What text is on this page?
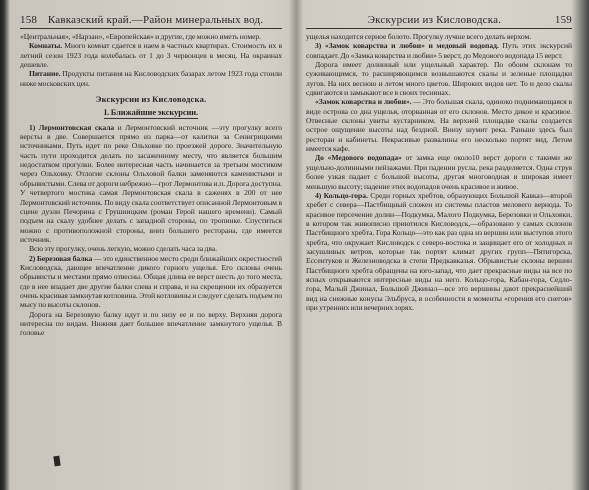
158 Кавказский край.—Район минеральных вод.

«Центральная», «Нарзан», «Европейская» и другие, где можно иметь номер.

Комнаты. Много комнат сдается в наем в частных квартирах. Стоимость их в летний сезон 1923 года колебалась от 1 до 3 червонцев в месяц. На окраинах дешевле.

Питание. Продукты питания на Кисловодских базарах летом 1923 года стоили ниже московских цен.

Экскурсии из Кисловодска.
I. Ближайшие экскурсии.

1) Лермонтовская скала и Лермонтовский источник —эту прогулку всего версты в две. Совершается прямо из парка—от калитки за Сенигрицкими источниками. Путь идет по реке Ольховке по проезжей дороге. Значительную часть пути проходится делать по засаженному месту, что является большим недостатком прогулки. Более интересная часть начинается за третьим мостиком через Ольховку. Отлогие склоны Ольховой балки заменяются каменистыми и обрывистыми. Слева от дороги небрежно—грот Лермонтова и.п. Дорога доступна. У четвертого мостика самая Лермонтовская скала в саженях в 200 от нее Лермонтовский источник. По виду скала соответствует описанной Лермонтовым в сцене дуэли Печорина с Грушницким (роман Герой нашего времени). Самый подъем на скалу удобнее делать с западной стороны, по тропинке. Спуститься можно с противоположной стороны, вниз большего ресторана, где имеется источник.

Всю эту прогулку, очень легкую, можно сделать часа за два.

2) Березовая балка — это единственное место среди ближайших окрестностей Кисловодска, дающее впечатление дикого горного ущелья. Его склоны очень обрывисты и местами прямо отвесны. Общая длина ее верст шесть до того места, где в нее впадает две другие балки слева и справа, и на скрещении их образуется очень красивая замкнутая котловина. Этой котловины и следует сделать подъем по мысу по высоты склонов.

Дорога на Березовую балку идут и по низу ее и по верху. Верхняя дорога интересна по видам. Нижняя дает большее впечатление замкнутого ущелья. В головье

Экскурсии из Кисловодска.	159

ущелья находится серное болото. Прогулку лучше всего делать верхом.

3) «Замок коварства и любви» и медовый водопад. Путь этих экскурсий совпадает. До «Замка коварства и любви» 5 верст, до Медового водопада 15 верст.

Дорога имеет долинный или ущельный характер. По обоим склонам то суживающимся, то расширяющимся возвышаются скалы и зеленые площадки лугов. На них весною и летом много цветов. Широких видов нет. То и дело скалы сдвигаются и замыкают все в своих теснинах.

«Замок коварства и любви». — Это большая скала, одиноко поднимающаяся в виде острова со дна ущелья, оторванная от его склонов. Место дикое и красивое. Отвесные склоны увиты кустарником. На верхней площадке скалы создается острое ощущение высоты над бездной. Внизу шумит река. Раньше здесь был ресторан и кабинеты. Некрасивые развалины его несколько портят вид. Летом имеется кафе.

До «Медового водопада» от замка еще около10 верст дороги с такими же ущельно-долинными пейзажами. При падении русла, река разделяется. Одна струя более узкая падает с большой высоты, другая многоводная и широкая имеет меньшую высоту; падение этих водопадов очень красивое и живое.

4) Кольцо-гора. Среди горных хребтов, образующих Большой Кавказ—второй хребет с севера—Пастбищный сложен из системы пластов меловего вернода. То красивое персечение долин—Подкумка, Малого Подкумка, Березовки и Ольховки, в котором так живописно приютился Кисловодск,—образовано у самых склонов Пастбищного хребта. Гора Кольцо—это как раз одна из вершин или выступов этого хребта, что окружает Кисловодск с северо-востока и защищает его от холодных и засушливых ветров, которые так портят климат других групп—Пятигорска, Ессентуков и Железноводска в степи Предкавказья. Обрывистые склоны вершин Пастбищного хребта обращены на юго-запад, что дает прекрасные виды на все по ясных открываются интересные виды на него. Кольцо-гора, Кабан-гора, Седло-гора, Малый Джинал, Большой Джинал—все это вершины дают прекраснейший вид на снежные конусы Эльбруса, в особенности в моменты «горения его снегов» при утренних или вечерних зорях.
